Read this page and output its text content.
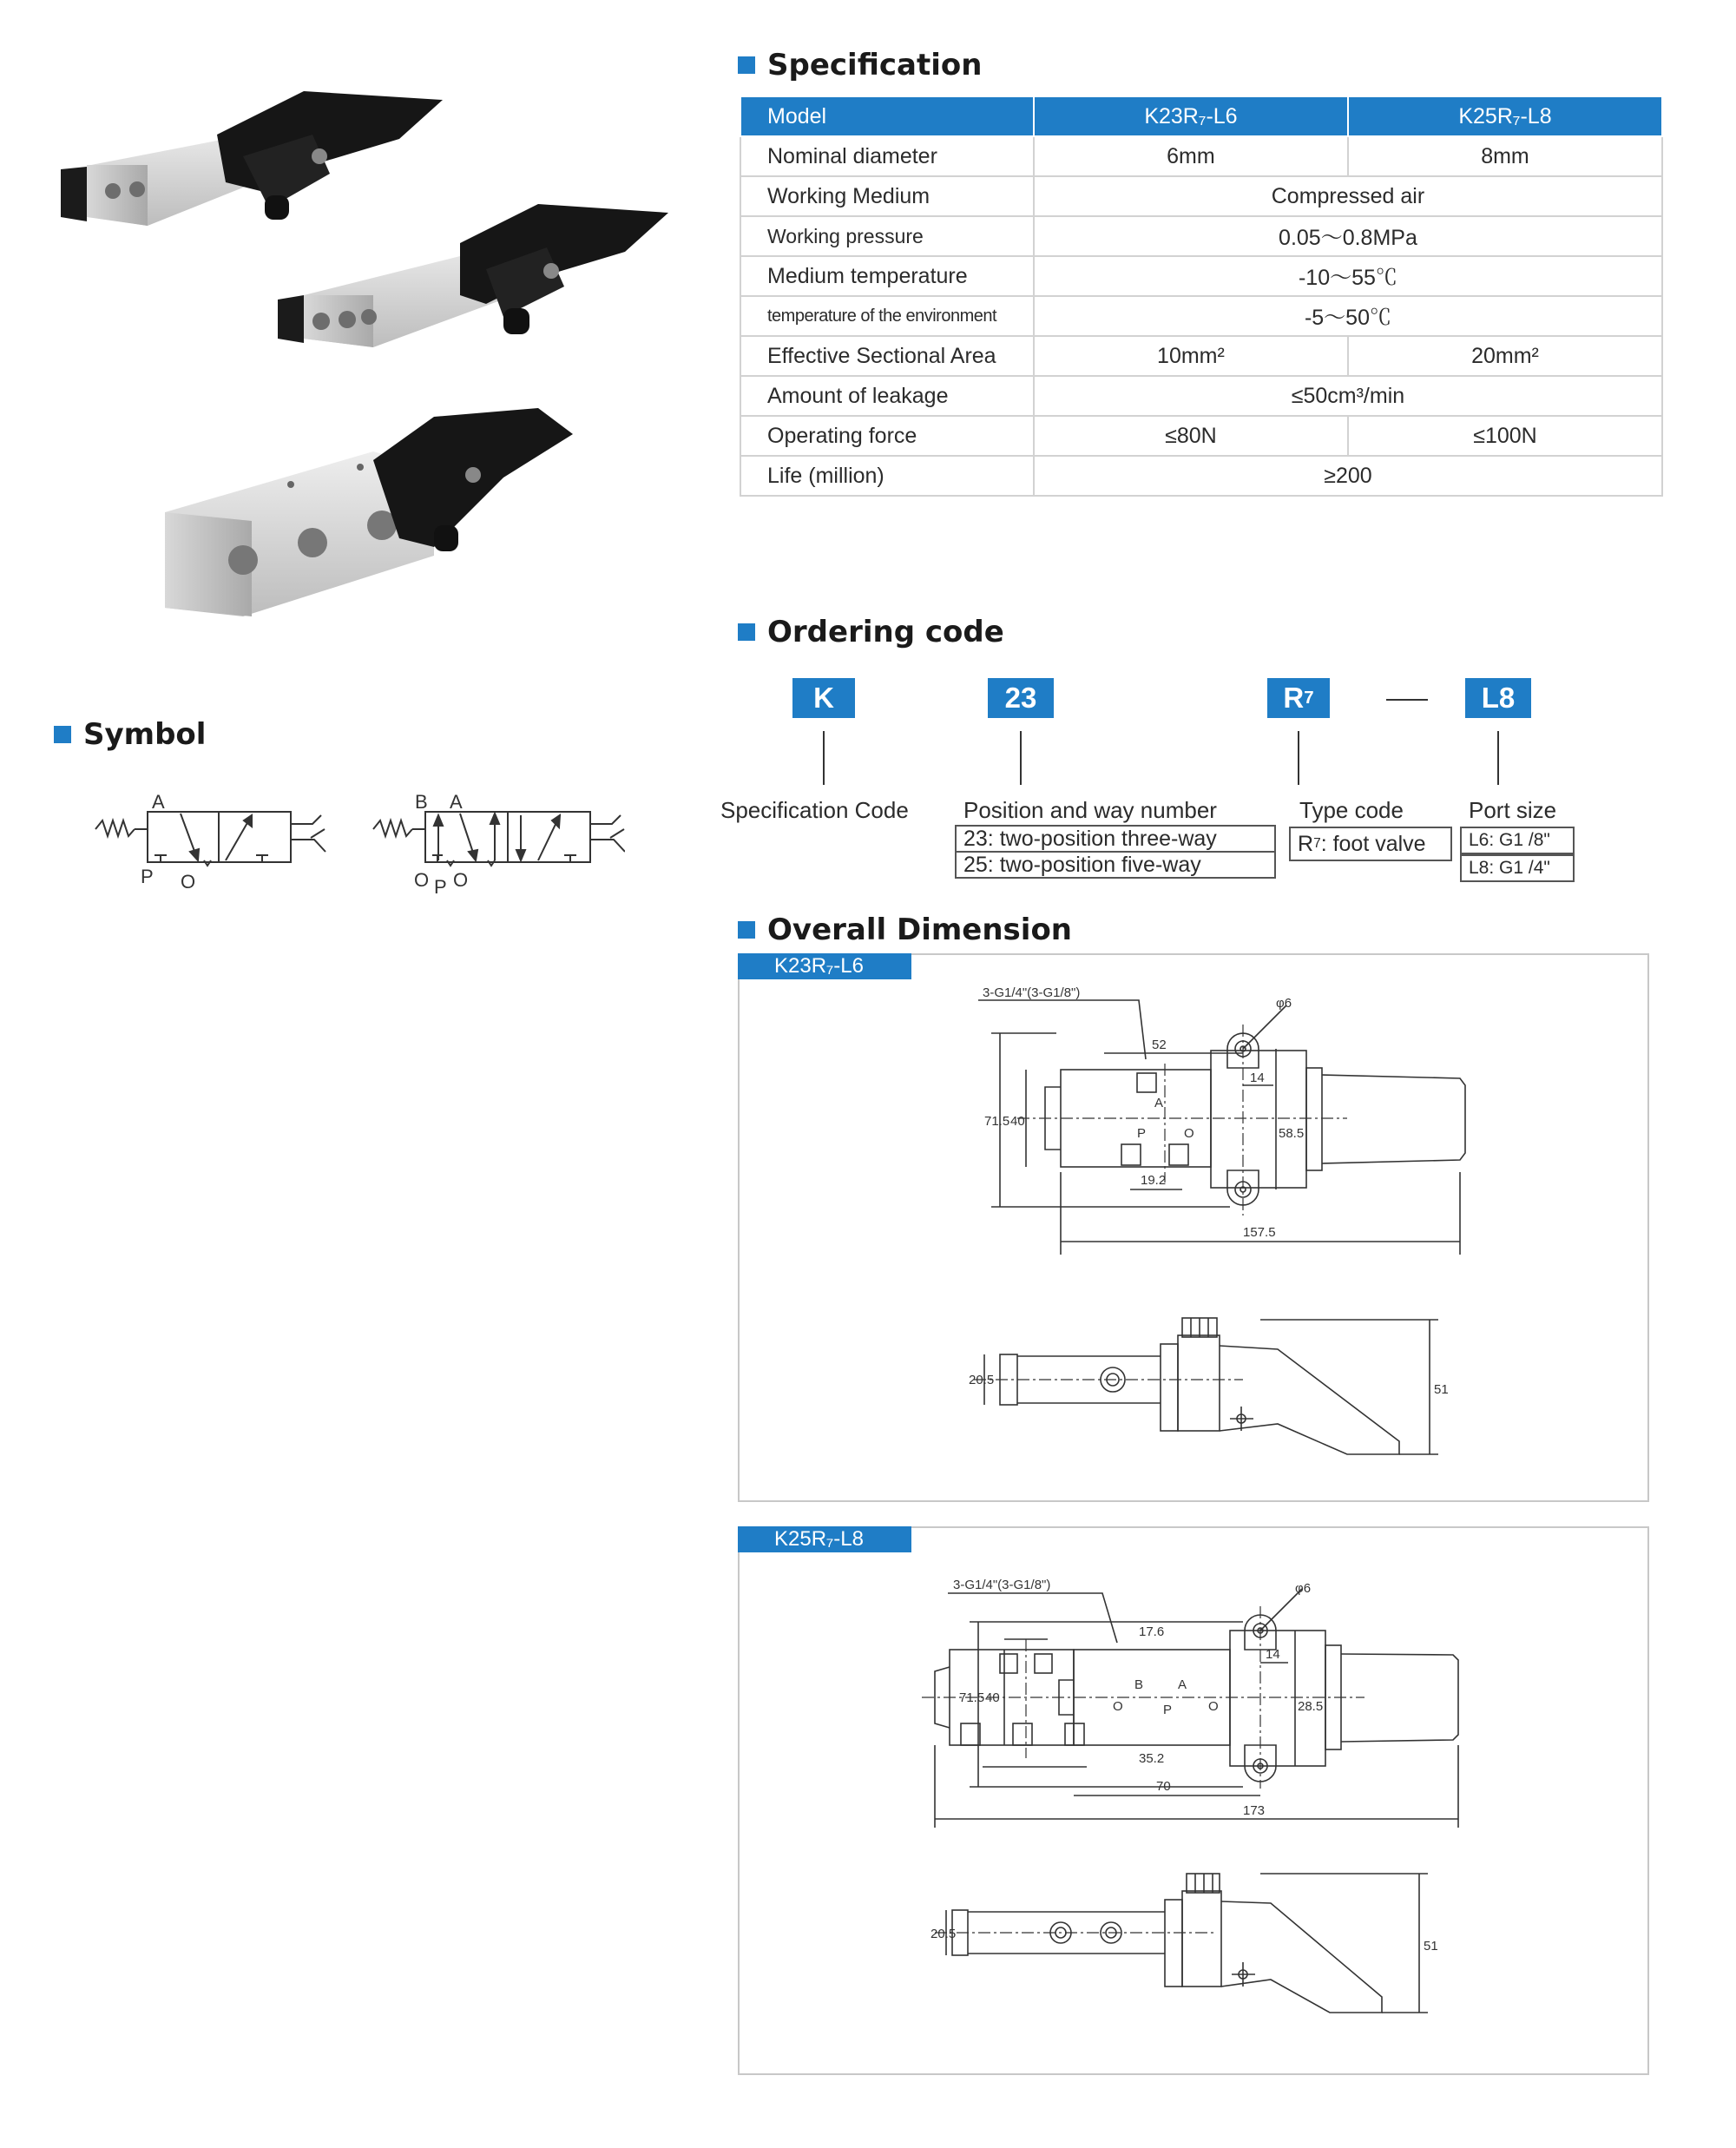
Specification
Model	K23R₇-L6	K25R₇-L8
Nominal diameter	6mm	8mm
Working Medium	Compressed air	
Working pressure	0.05～0.8MPa	
Medium temperature	-10～55℃	
temperature of the environment	-5～50℃	
Effective Sectional Area	10mm²	20mm²
Amount of leakage	≤50cm³/min	
Operating force	≤80N	≤100N
Life (million)	≥200	
Symbol
A
P O
B A
O P O
Ordering code
K	23	R 7	L8
Specification Code Position and way number
23: two-position three-way
25: two-position five-way
Type code
R 7 : foot valve
Port size
L6: G1 /8"
L8: G1 /4"
Overall Dimension
K23R₇-L6
3-G1/4"(3-G1/8")
φ6
52
14
71.5 40
58.5
19.2
157.5
20.5
51
A
P	O
K25R₇-L8
3-G1/4"(3-G1/8")	φ6
17.6
14
71.5 40
28.5
35.2
70
173
20.5
51
B	A
O	P	O
